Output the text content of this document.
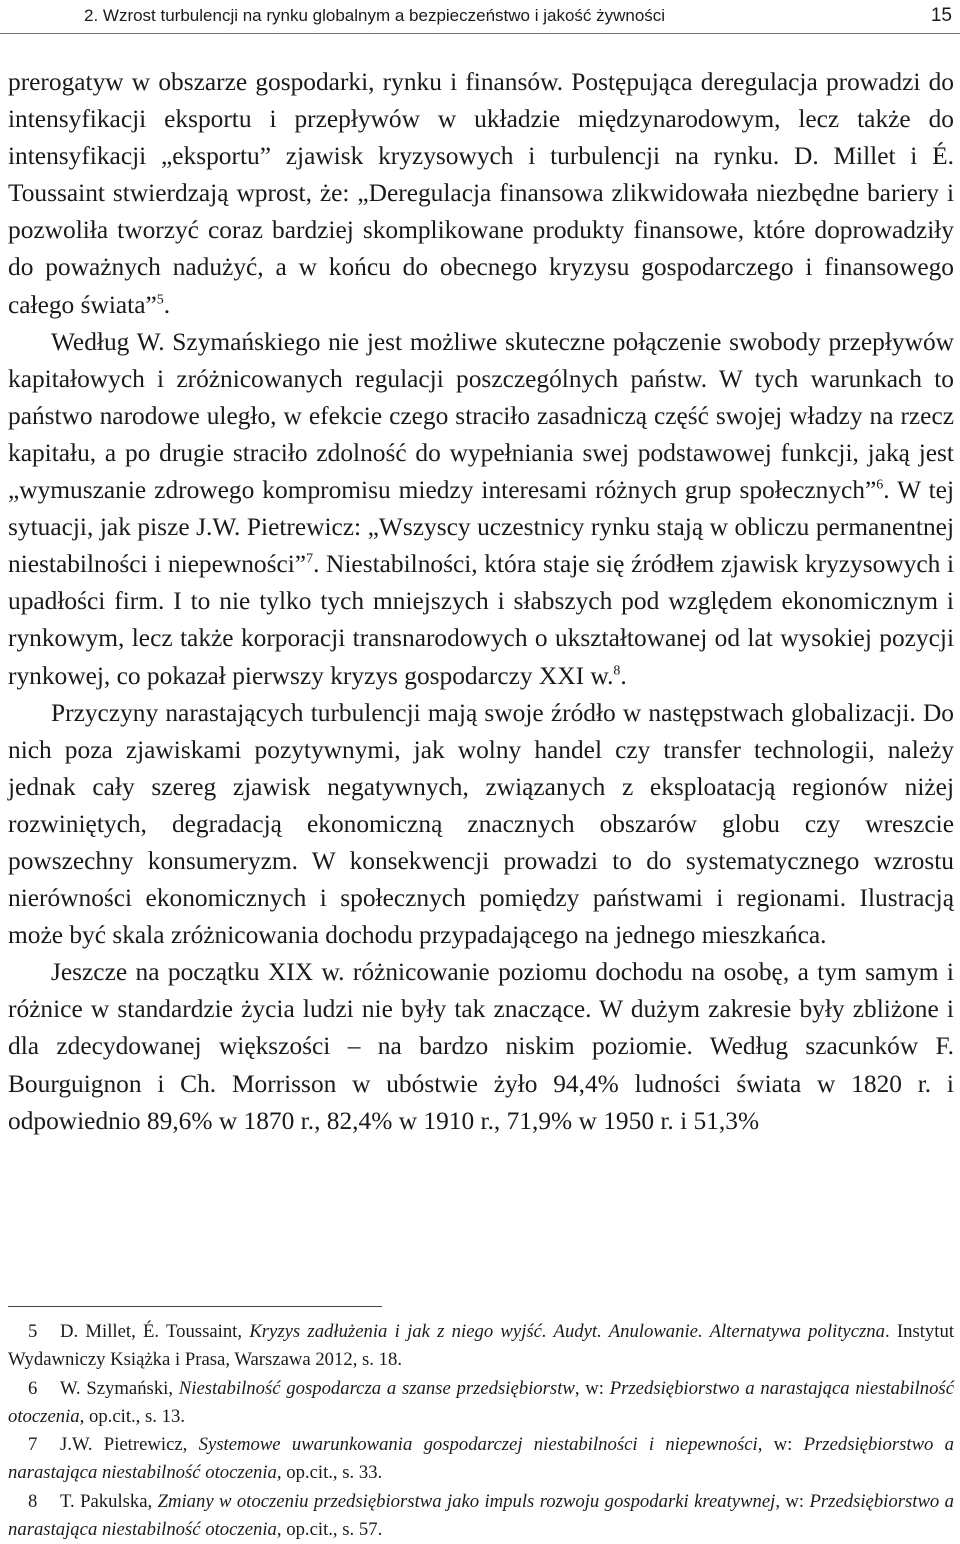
2. Wzrost turbulencji na rynku globalnym a bezpieczeństwo i jakość żywności	15

prerogatyw w obszarze gospodarki, rynku i finansów. Postępująca deregulacja prowadzi do intensyfikacji eksportu i przepływów w układzie międzynarodowym, lecz także do intensyfikacji „eksportu” zjawisk kryzysowych i turbulencji na rynku. D. Millet i É. Toussaint stwierdzają wprost, że: „Deregulacja finansowa zlikwidowała niezbędne bariery i pozwoliła tworzyć coraz bardziej skomplikowane produkty finansowe, które doprowadziły do poważnych nadużyć, a w końcu do obecnego kryzysu gospodarczego i finansowego całego świata”$^5$.

Według W. Szymańskiego nie jest możliwe skuteczne połączenie swobody przepływów kapitałowych i zróżnicowanych regulacji poszczególnych państw. W tych warunkach to państwo narodowe uległo, w efekcie czego straciło zasadniczą część swojej władzy na rzecz kapitału, a po drugie straciło zdolność do wypełniania swej podstawowej funkcji, jaką jest „wymuszanie zdrowego kompromisu miedzy interesami różnych grup społecznych”$^6$. W tej sytuacji, jak pisze J.W. Pietrewicz: „Wszyscy uczestnicy rynku stają w obliczu permanentnej niestabilności i niepewności”$^7$. Niestabilności, która staje się źródłem zjawisk kryzysowych i upadłości firm. I to nie tylko tych mniejszych i słabszych pod względem ekonomicznym i rynkowym, lecz także korporacji transnarodowych o ukształtowanej od lat wysokiej pozycji rynkowej, co pokazał pierwszy kryzys gospodarczy XXI w.$^8$.

Przyczyny narastających turbulencji mają swoje źródło w następstwach globalizacji. Do nich poza zjawiskami pozytywnymi, jak wolny handel czy transfer technologii, należy jednak cały szereg zjawisk negatywnych, związanych z eksploatacją regionów niżej rozwiniętych, degradacją ekonomiczną znacznych obszarów globu czy wreszcie powszechny konsumeryzm. W konsekwencji prowadzi to do systematycznego wzrostu nierówności ekonomicznych i społecznych pomiędzy państwami i regionami. Ilustracją może być skala zróżnicowania dochodu przypadającego na jednego mieszkańca.

Jeszcze na początku XIX w. różnicowanie poziomu dochodu na osobę, a tym samym i różnice w standardzie życia ludzi nie były tak znaczące. W dużym zakresie były zbliżone i dla zdecydowanej większości – na bardzo niskim poziomie. Według szacunków F. Bourguignon i Ch. Morrisson w ubóstwie żyło 94,4% ludności świata w 1820 r. i odpowiednio 89,6% w 1870 r., 82,4% w 1910 r., 71,9% w 1950 r. i 51,3%

5 D. Millet, É. Toussaint, Kryzys zadłużenia i jak z niego wyjść. Audyt. Anulowanie. Alternatywa polityczna. Instytut Wydawniczy Książka i Prasa, Warszawa 2012, s. 18.

6 W. Szymański, Niestabilność gospodarcza a szanse przedsiębiorstw, w: Przedsiębiorstwo a narastająca niestabilność otoczenia, op.cit., s. 13.

7 J.W. Pietrewicz, Systemowe uwarunkowania gospodarczej niestabilności i niepewności, w: Przedsiębiorstwo a narastająca niestabilność otoczenia, op.cit., s. 33.

8 T. Pakulska, Zmiany w otoczeniu przedsiębiorstwa jako impuls rozwoju gospodarki kreatywnej, w: Przedsiębiorstwo a narastająca niestabilność otoczenia, op.cit., s. 57.
